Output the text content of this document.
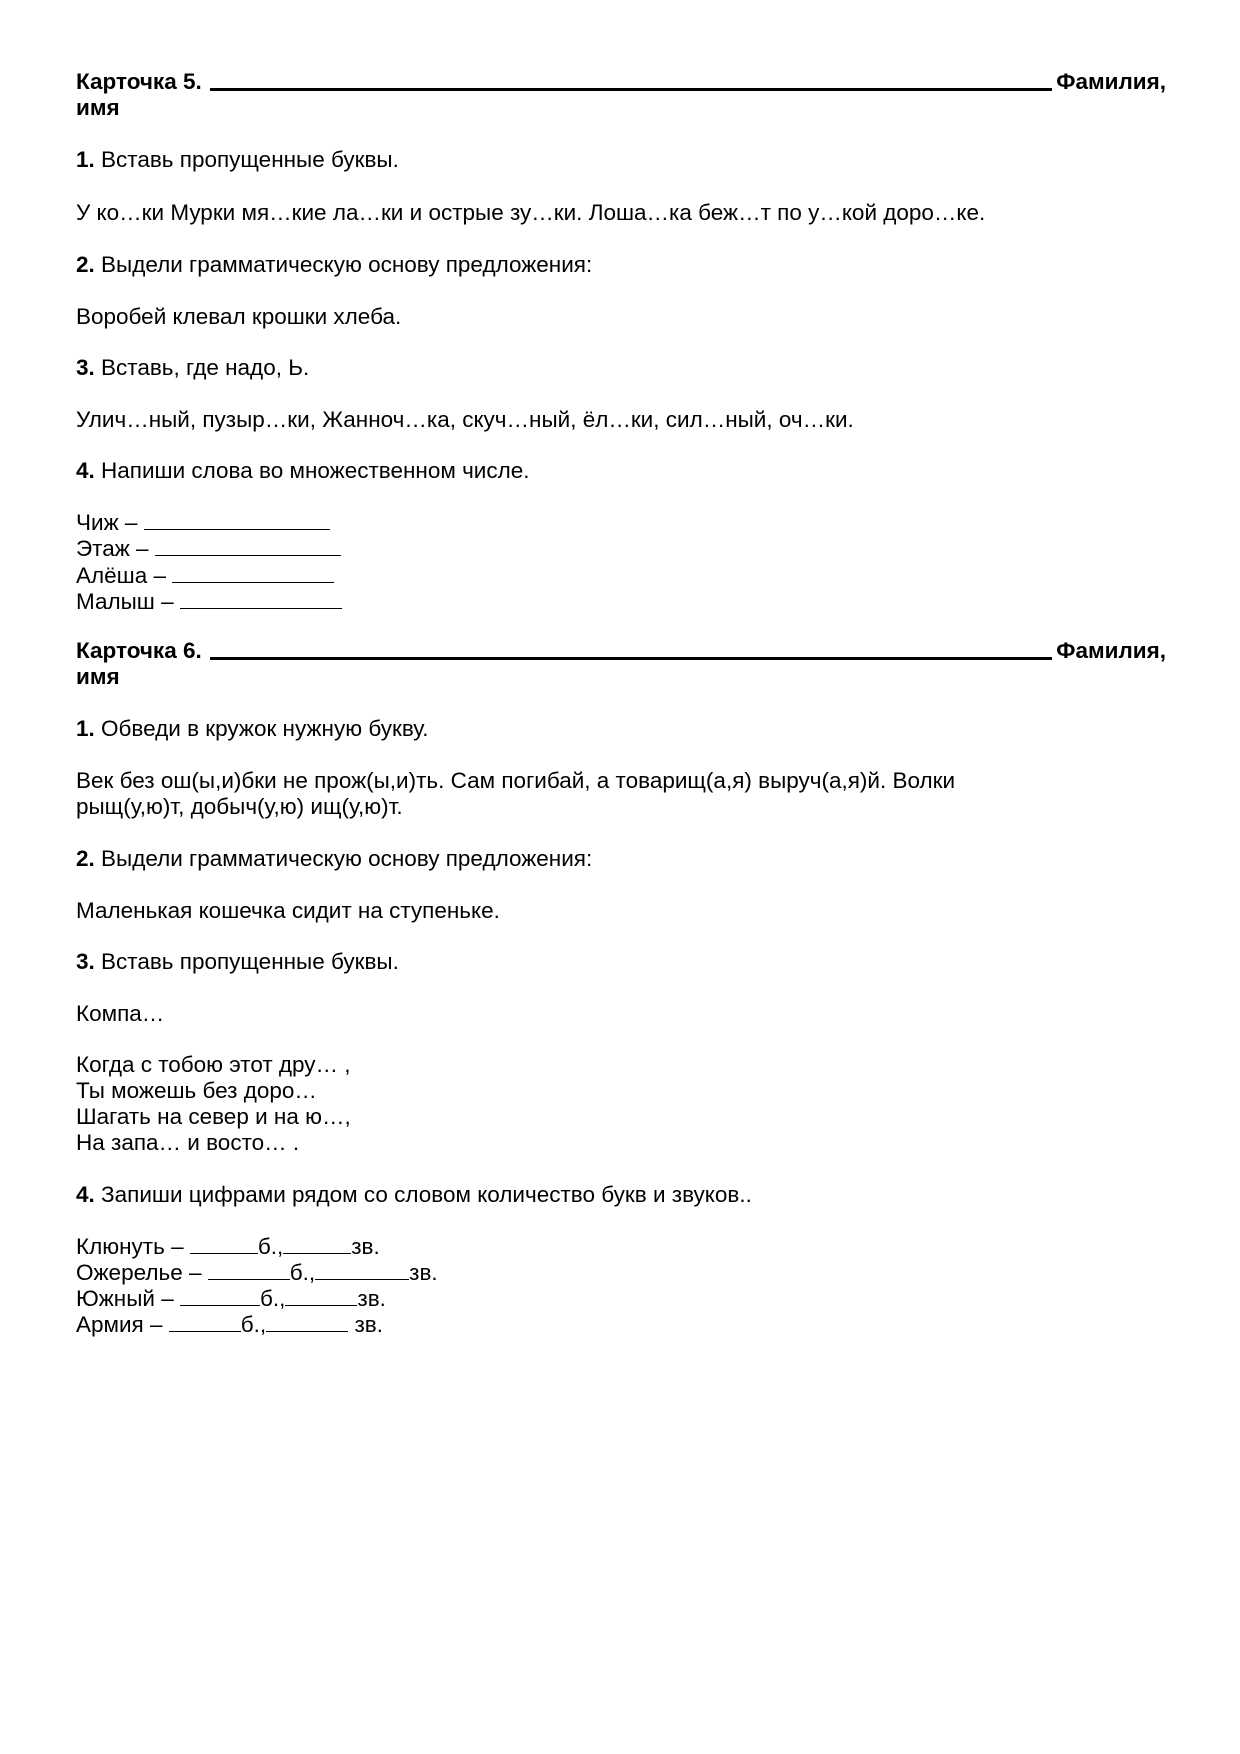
Карточка 5.	Фамилия,
имя
1. Вставь пропущенные буквы.
У ко…ки Мурки мя…кие ла…ки и острые зу…ки. Лоша…ка беж…т по у…кой доро…ке.
2. Выдели грамматическую основу предложения:
Воробей клевал крошки хлеба.
3. Вставь, где надо, Ь.
Улич…ный, пузыр…ки, Жанноч…ка, скуч…ный, ёл…ки, сил…ный, оч…ки.
4. Напиши слова во множественном числе.
Чиж –
Этаж –
Алёша –
Малыш –
Карточка 6.	Фамилия,
имя
1. Обведи в кружок нужную букву.
Век без ош(ы,и)бки не прож(ы,и)ть. Сам погибай, а товарищ(а,я) выруч(а,я)й. Волки
рыщ(у,ю)т, добыч(у,ю) ищ(у,ю)т.
2. Выдели грамматическую основу предложения:
Маленькая кошечка сидит на ступеньке.
3. Вставь пропущенные буквы.
Компа…
Когда с тобою этот дру… ,
Ты можешь без доро…
Шагать на север и на ю…,
На запа… и восто… .
4. Запиши цифрами рядом со словом количество букв и звуков..
Клюнуть –	б.,	зв.
Ожерелье –	б.,	зв.
Южный –	б.,	зв.
Армия –	б.,	зв.
